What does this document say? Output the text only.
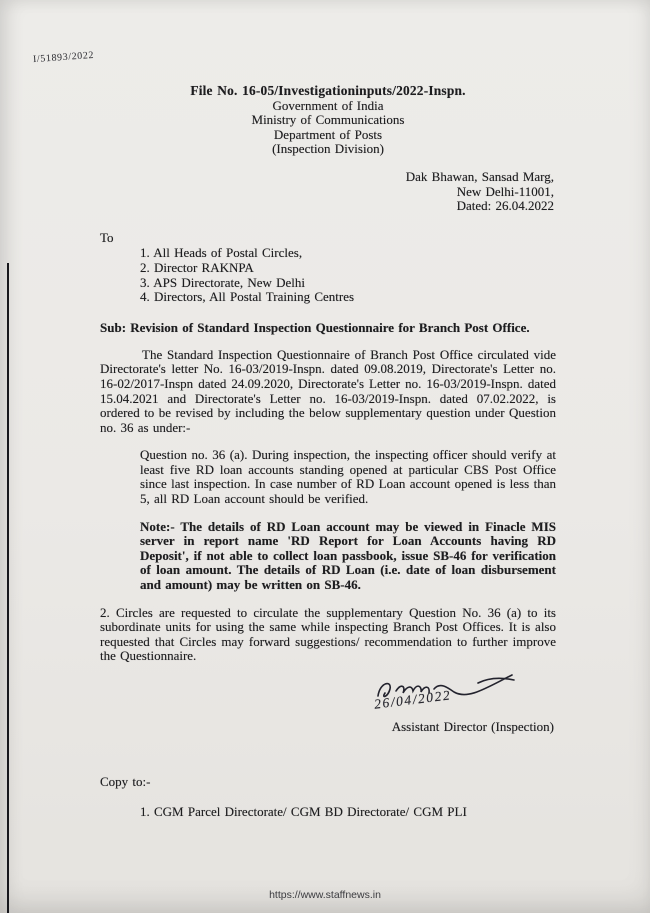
I/51893/2022
File No. 16-05/Investigationinputs/2022-Inspn.
Government of India
Ministry of Communications
Department of Posts
(Inspection Division)
Dak Bhawan, Sansad Marg,
New Delhi-11001,
Dated: 26.04.2022
To
1. All Heads of Postal Circles,
2. Director RAKNPA
3. APS Directorate, New Delhi
4. Directors, All Postal Training Centres
Sub: Revision of Standard Inspection Questionnaire for Branch Post Office.

The Standard Inspection Questionnaire of Branch Post Office circulated vide Directorate's letter No. 16-03/2019-Inspn. dated 09.08.2019, Directorate's Letter no. 16-02/2017-Inspn dated 24.09.2020, Directorate's Letter no. 16-03/2019-Inspn. dated 15.04.2021 and Directorate's Letter no. 16-03/2019-Inspn. dated 07.02.2022, is ordered to be revised by including the below supplementary question under Question no. 36 as under:-

Question no. 36 (a). During inspection, the inspecting officer should verify at least five RD loan accounts standing opened at particular CBS Post Office since last inspection. In case number of RD Loan account opened is less than 5, all RD Loan account should be verified.

Note:- The details of RD Loan account may be viewed in Finacle MIS server in report name 'RD Report for Loan Accounts having RD Deposit', if not able to collect loan passbook, issue SB-46 for verification of loan amount. The details of RD Loan (i.e. date of loan disbursement and amount) may be written on SB-46.

2. Circles are requested to circulate the supplementary Question No. 36 (a) to its subordinate units for using the same while inspecting Branch Post Offices. It is also requested that Circles may forward suggestions/ recommendation to further improve the Questionnaire.

26/04/2022
Assistant Director (Inspection)
Copy to:-
1. CGM Parcel Directorate/ CGM BD Directorate/ CGM PLI
https://www.staffnews.in
